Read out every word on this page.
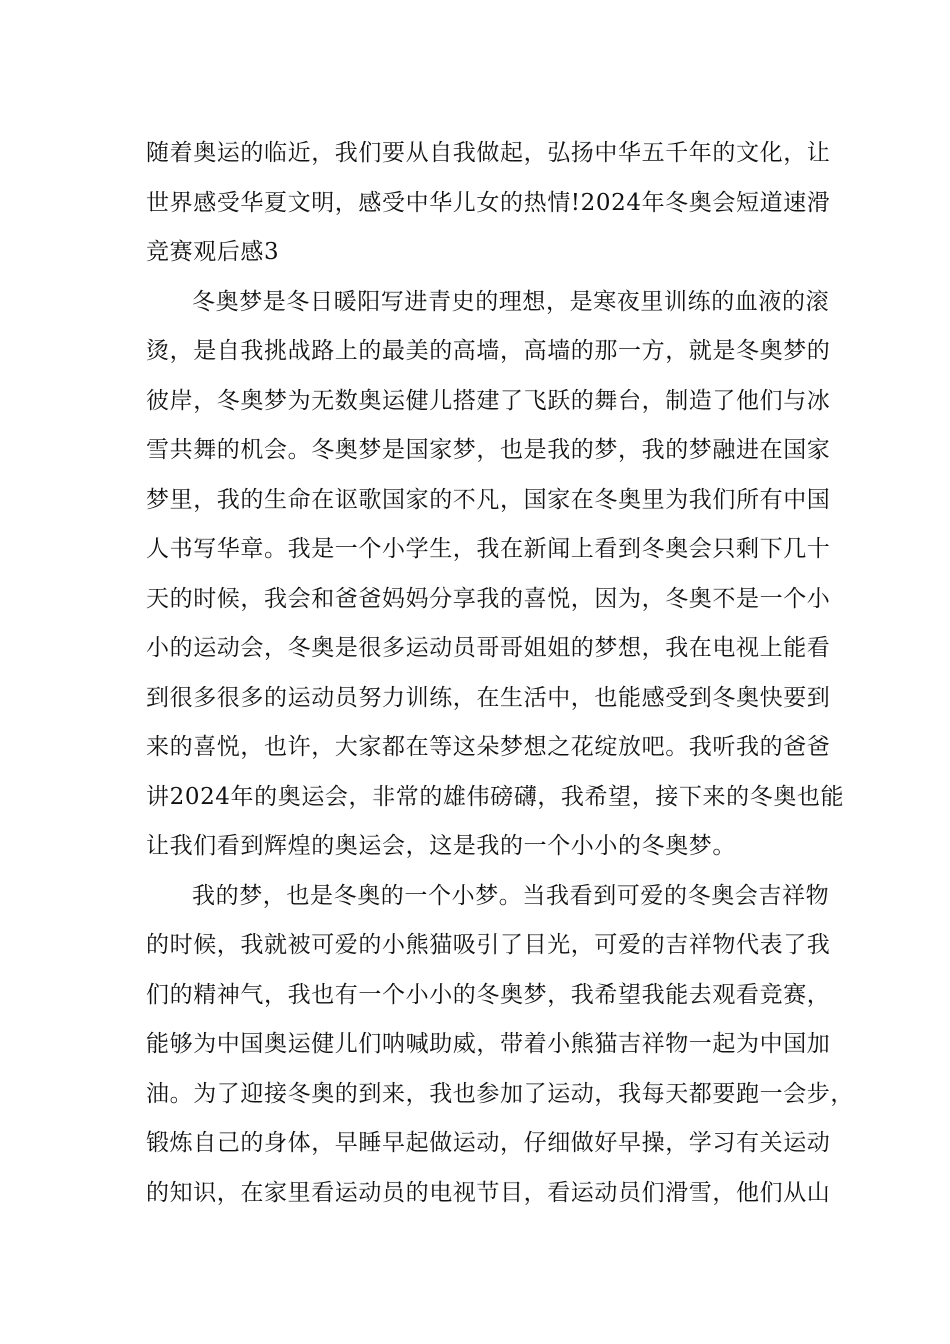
随着奥运的临近，我们要从自我做起，弘扬中华五千年的文化，让
世界感受华夏文明，感受中华儿女的热情!2024年冬奥会短道速滑
竞赛观后感3
冬奥梦是冬日暖阳写进青史的理想，是寒夜里训练的血液的滚
烫，是自我挑战路上的最美的高墙，高墙的那一方，就是冬奥梦的
彼岸，冬奥梦为无数奥运健儿搭建了飞跃的舞台，制造了他们与冰
雪共舞的机会。冬奥梦是国家梦，也是我的梦，我的梦融进在国家
梦里，我的生命在讴歌国家的不凡，国家在冬奥里为我们所有中国
人书写华章。我是一个小学生，我在新闻上看到冬奥会只剩下几十
天的时候，我会和爸爸妈妈分享我的喜悦，因为，冬奥不是一个小
小的运动会，冬奥是很多运动员哥哥姐姐的梦想，我在电视上能看
到很多很多的运动员努力训练，在生活中，也能感受到冬奥快要到
来的喜悦，也许，大家都在等这朵梦想之花绽放吧。我听我的爸爸
讲2024年的奥运会，非常的雄伟磅礴，我希望，接下来的冬奥也能
让我们看到辉煌的奥运会，这是我的一个小小的冬奥梦。
我的梦，也是冬奥的一个小梦。当我看到可爱的冬奥会吉祥物
的时候，我就被可爱的小熊猫吸引了目光，可爱的吉祥物代表了我
们的精神气，我也有一个小小的冬奥梦，我希望我能去观看竞赛，
能够为中国奥运健儿们呐喊助威，带着小熊猫吉祥物一起为中国加
油。为了迎接冬奥的到来，我也参加了运动，我每天都要跑一会步，
锻炼自己的身体，早睡早起做运动，仔细做好早操，学习有关运动
的知识，在家里看运动员的电视节目，看运动员们滑雪，他们从山
